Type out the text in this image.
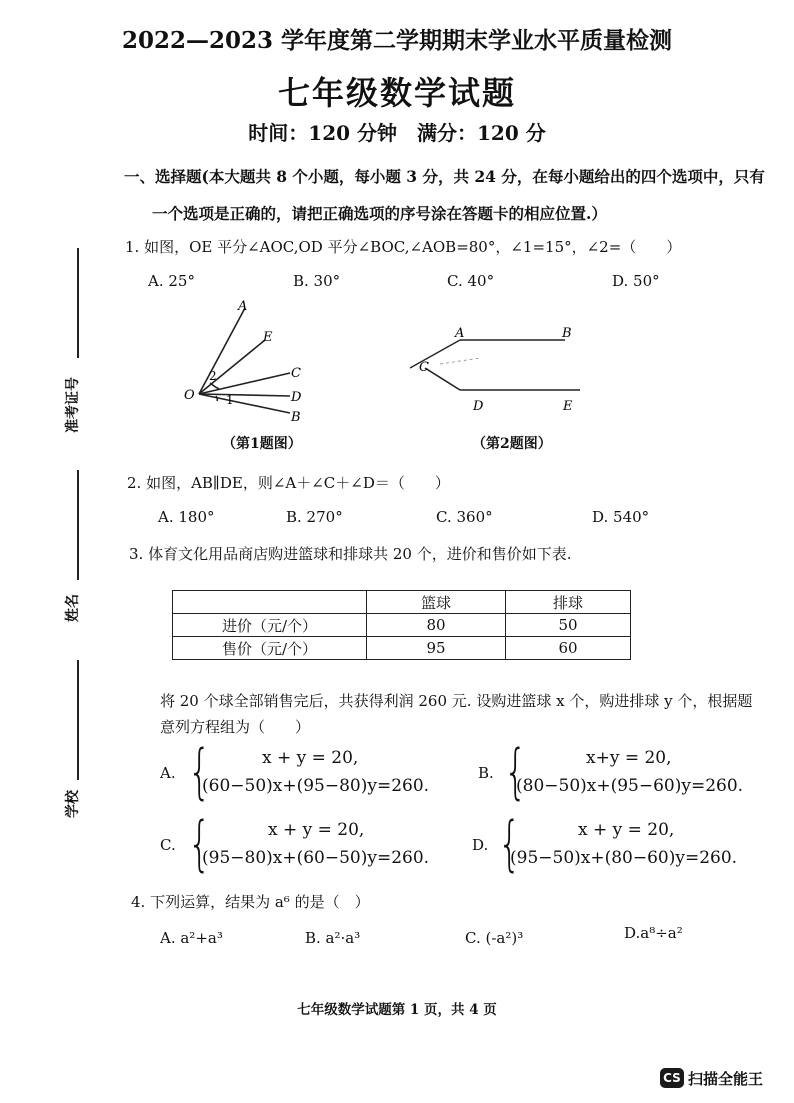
2022—2023 学年度第二学期期末学业水平质量检测
七年级数学试题
时间：120 分钟　满分：120 分
准考证号
姓名
学校
一、选择题(本大题共 8 个小题，每小题 3 分，共 24 分，在每小题给出的四个选项中，只有
一个选项是正确的，请把正确选项的序号涂在答题卡的相应位置.）
1. 如图，OE 平分∠AOC,OD 平分∠BOC,∠AOB=80°，∠1=15°，∠2=（　　）
A. 25°	B. 30°	C. 40°	D. 50°
A
E
C
D
B
O
2
1
（第1题图）
A	B
C
D	E
（第2题图）
2. 如图，AB∥DE，则∠A＋∠C＋∠D＝（　　）
A. 180°	B. 270°	C. 360°	D. 540°
3. 体育文化用品商店购进篮球和排球共 20 个，进价和售价如下表.
	篮球	排球
进价（元/个）	80	50
售价（元/个）	95	60
将 20 个球全部销售完后，共获得利润 260 元. 设购进篮球 x 个，购进排球 y 个，根据题
意列方程组为（　　）
A. {	x + y = 20,
(60−50)x+(95−80)y=260.
B. {	x+y = 20,
(80−50)x+(95−60)y=260.
C. {	x + y = 20,
(95−80)x+(60−50)y=260.
D. {	x + y = 20,
(95−50)x+(80−60)y=260.
4. 下列运算，结果为 a⁶ 的是（　）
A. a²+a³	B. a²·a³	C. (-a²)³	D.a⁸÷a²
七年级数学试题第 1 页，共 4 页
CS 扫描全能王
